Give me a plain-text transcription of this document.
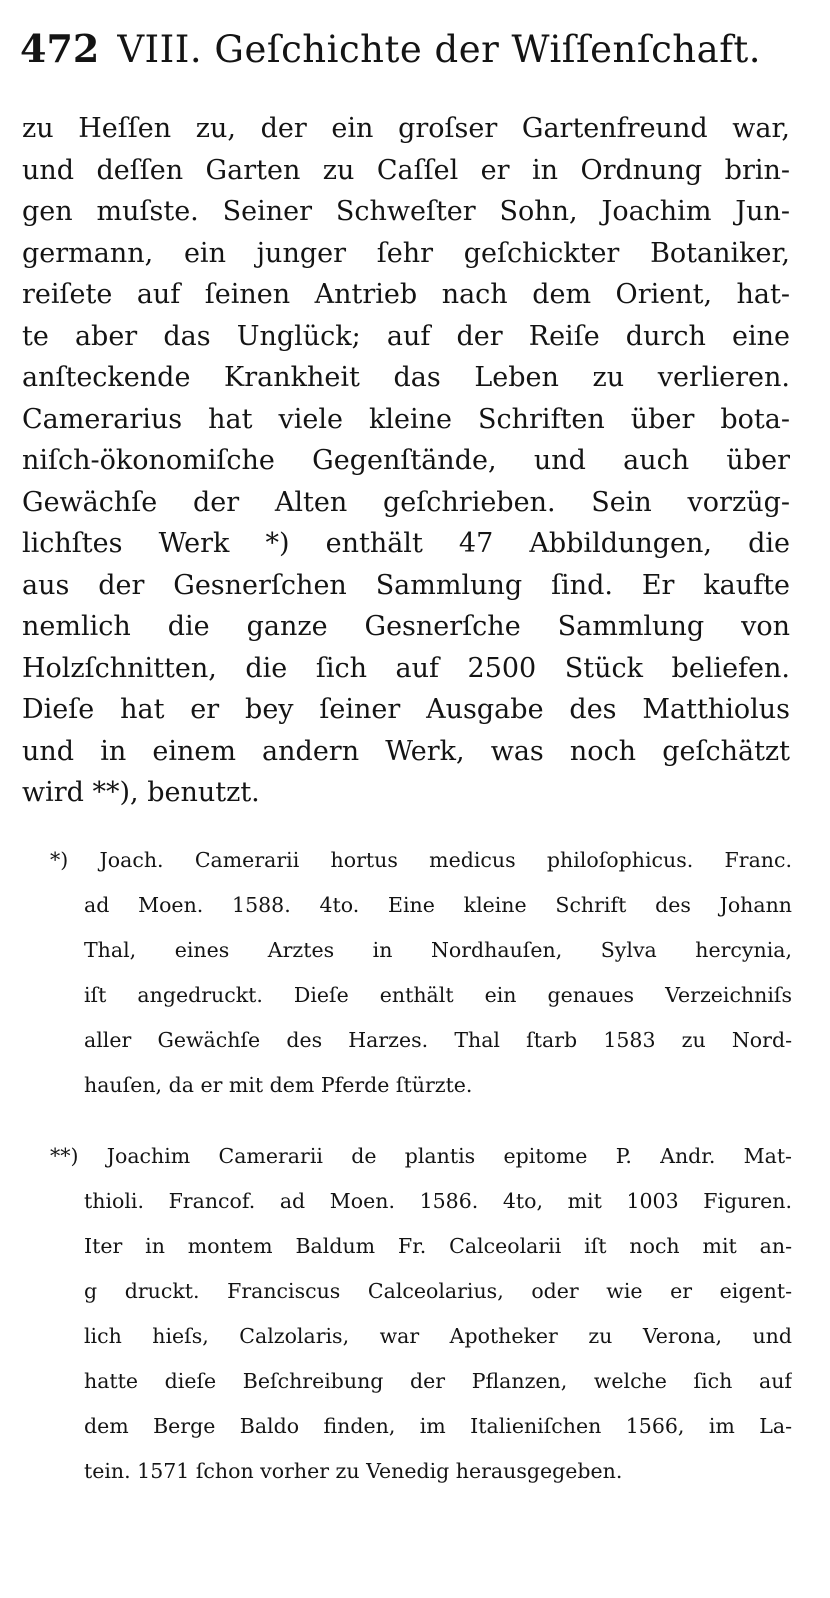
472 VIII. Geſchichte der Wiſſenſchaft.
zu Heſſen zu, der ein groſser Gartenfreund war,
und deſſen Garten zu Caſſel er in Ordnung brin-
gen muſste. Seiner Schweſter Sohn, Joachim Jun-
germann, ein junger ſehr geſchickter Botaniker,
reiſete auf ſeinen Antrieb nach dem Orient, hat-
te aber das Unglück; auf der Reiſe durch eine
anſteckende Krankheit das Leben zu verlieren.
Camerarius hat viele kleine Schriften über bota-
niſch-ökonomiſche Gegenſtände, und auch über
Gewächſe der Alten geſchrieben. Sein vorzüg-
lichſtes Werk *) enthält 47 Abbildungen, die
aus der Gesnerſchen Sammlung ſind. Er kaufte
nemlich die ganze Gesnerſche Sammlung von
Holzſchnitten, die ſich auf 2500 Stück beliefen.
Dieſe hat er bey ſeiner Ausgabe des Matthiolus
und in einem andern Werk, was noch geſchätzt
wird **), benutzt.
*) Joach. Camerarii hortus medicus philoſophicus. Franc.
ad Moen. 1588. 4to. Eine kleine Schrift des Johann
Thal, eines Arztes in Nordhauſen, Sylva hercynia,
iſt angedruckt. Dieſe enthält ein genaues Verzeichniſs
aller Gewächſe des Harzes. Thal ſtarb 1583 zu Nord-
hauſen, da er mit dem Pferde ſtürzte.
**) Joachim Camerarii de plantis epitome P. Andr. Mat-
thioli. Francof. ad Moen. 1586. 4to, mit 1003 Figuren.
Iter in montem Baldum Fr. Calceolarii iſt noch mit an-
g druckt. Franciscus Calceolarius, oder wie er eigent-
lich hieſs, Calzolaris, war Apotheker zu Verona, und
hatte dieſe Beſchreibung der Pflanzen, welche ſich auf
dem Berge Baldo finden, im Italieniſchen 1566, im La-
tein. 1571 ſchon vorher zu Venedig herausgegeben.
